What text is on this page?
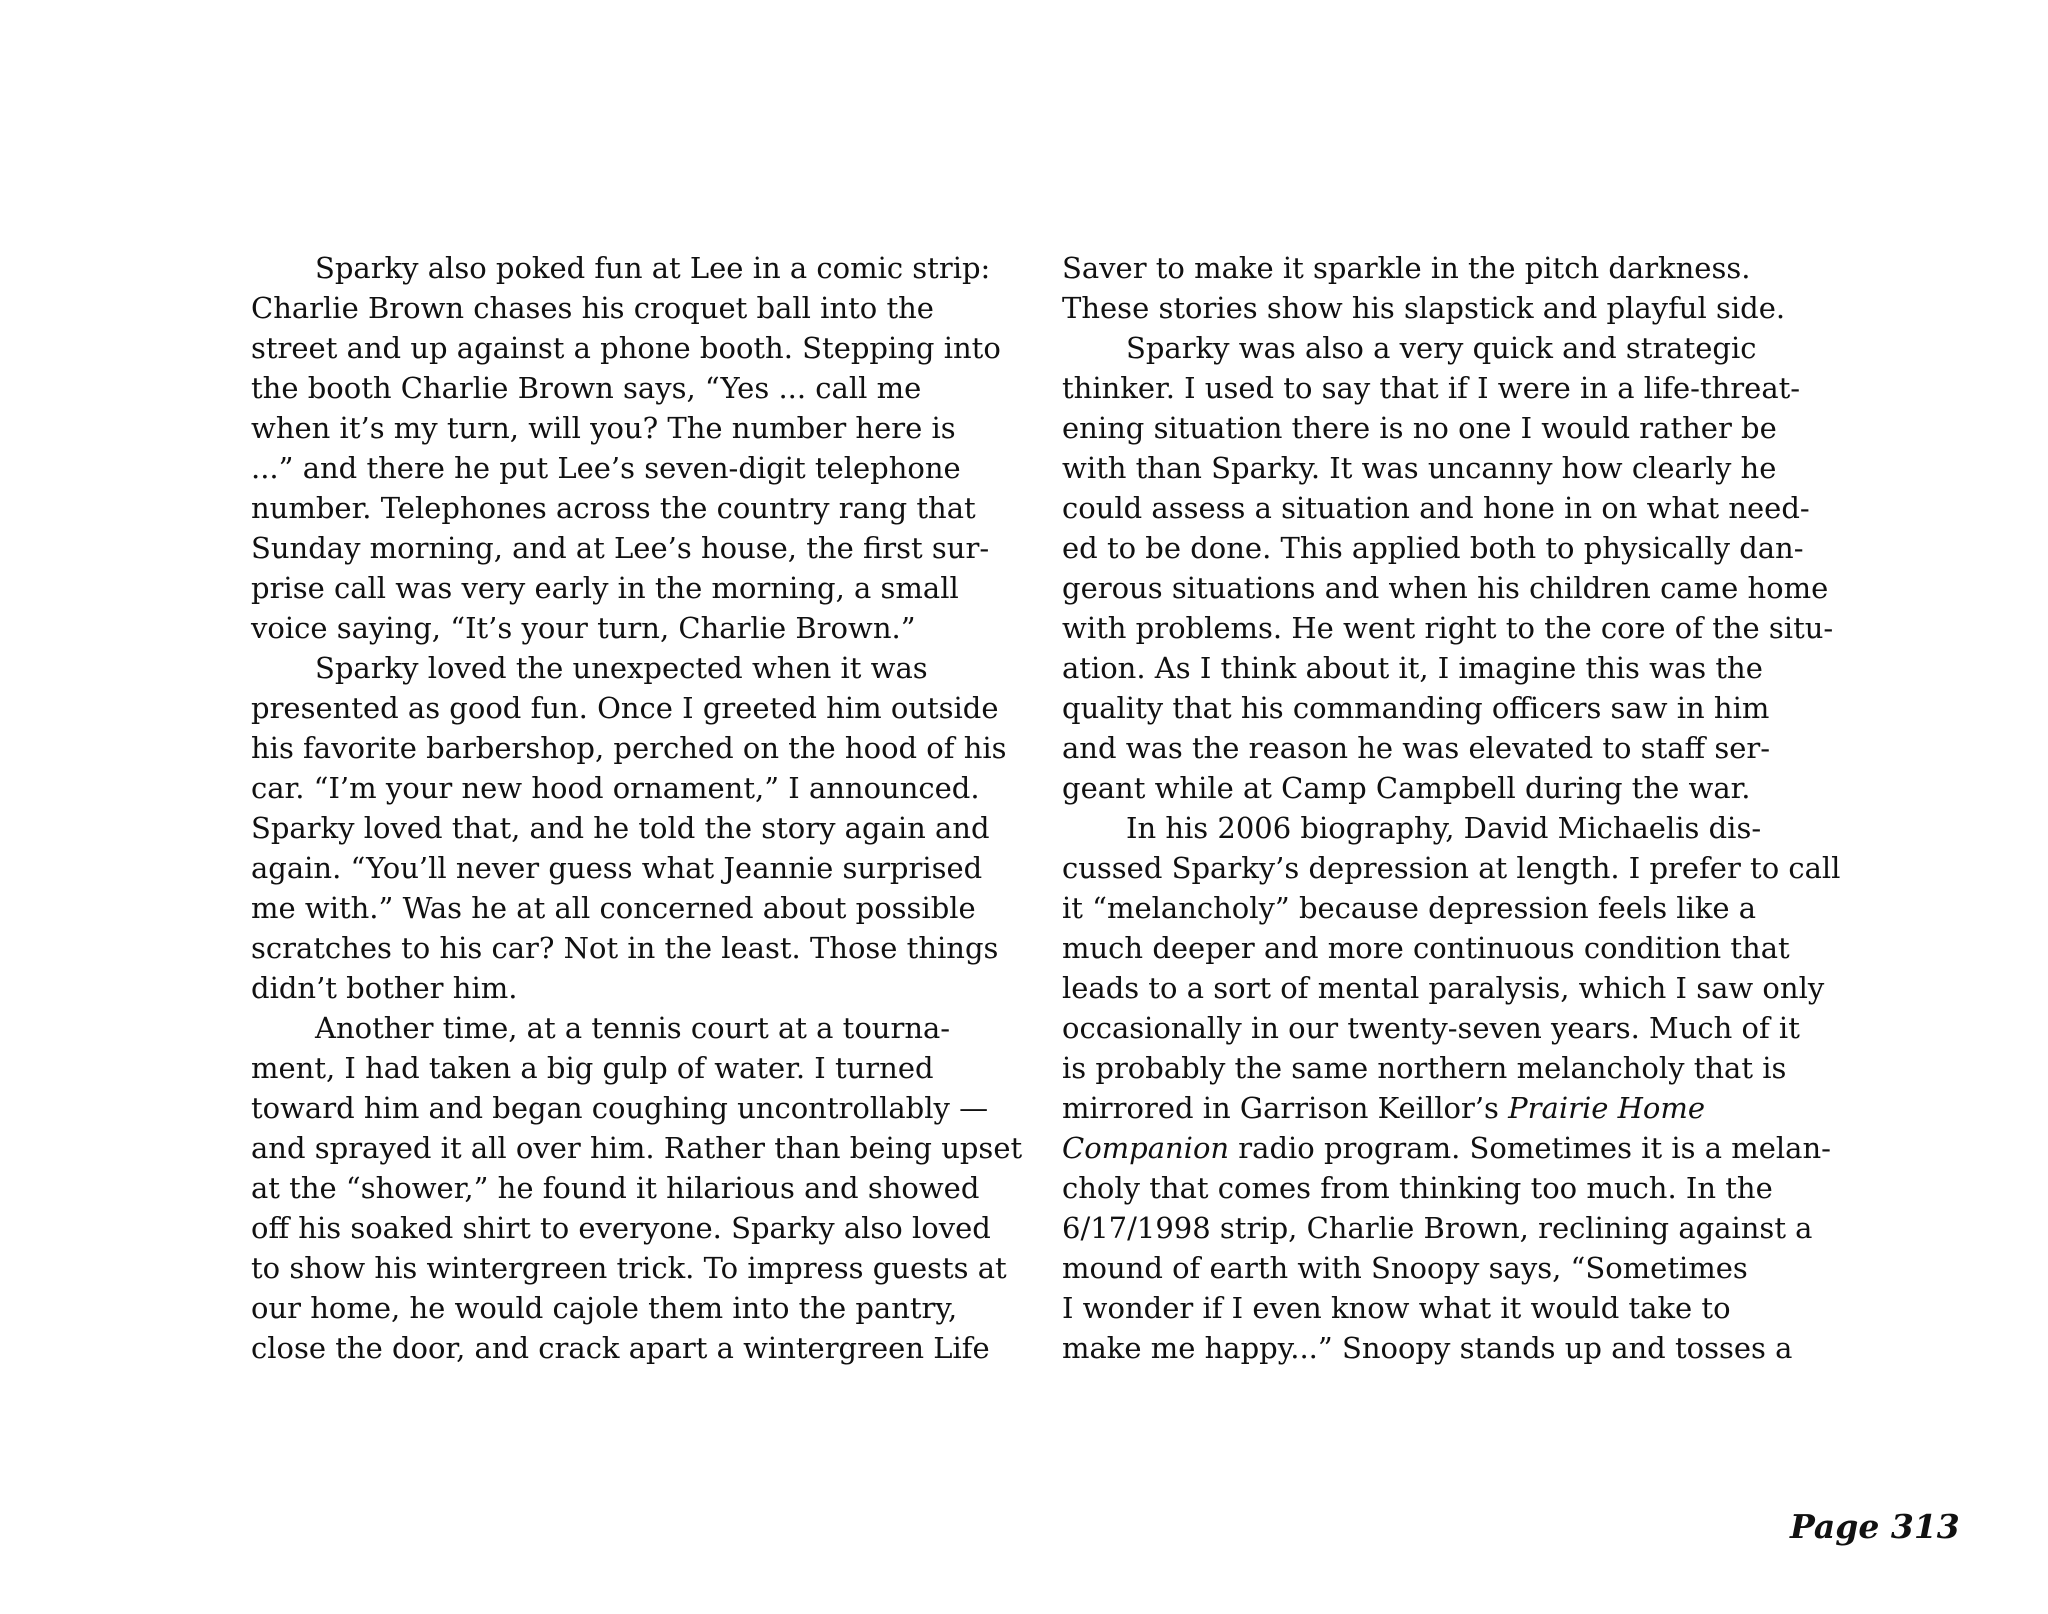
Sparky also poked fun at Lee in a comic strip:
Charlie Brown chases his croquet ball into the
street and up against a phone booth. Stepping into
the booth Charlie Brown says, “Yes ... call me
when it’s my turn, will you? The number here is
...” and there he put Lee’s seven-digit telephone
number. Telephones across the country rang that
Sunday morning, and at Lee’s house, the first sur-
prise call was very early in the morning, a small
voice saying, “It’s your turn, Charlie Brown.”
Sparky loved the unexpected when it was
presented as good fun. Once I greeted him outside
his favorite barbershop, perched on the hood of his
car. “I’m your new hood ornament,” I announced.
Sparky loved that, and he told the story again and
again. “You’ll never guess what Jeannie surprised
me with.” Was he at all concerned about possible
scratches to his car? Not in the least. Those things
didn’t bother him.
Another time, at a tennis court at a tourna-
ment, I had taken a big gulp of water. I turned
toward him and began coughing uncontrollably —
and sprayed it all over him. Rather than being upset
at the “shower,” he found it hilarious and showed
off his soaked shirt to everyone. Sparky also loved
to show his wintergreen trick. To impress guests at
our home, he would cajole them into the pantry,
close the door, and crack apart a wintergreen Life
Saver to make it sparkle in the pitch darkness.
These stories show his slapstick and playful side.
Sparky was also a very quick and strategic
thinker. I used to say that if I were in a life-threat-
ening situation there is no one I would rather be
with than Sparky. It was uncanny how clearly he
could assess a situation and hone in on what need-
ed to be done. This applied both to physically dan-
gerous situations and when his children came home
with problems. He went right to the core of the situ-
ation. As I think about it, I imagine this was the
quality that his commanding officers saw in him
and was the reason he was elevated to staff ser-
geant while at Camp Campbell during the war.
In his 2006 biography, David Michaelis dis-
cussed Sparky’s depression at length. I prefer to call
it “melancholy” because depression feels like a
much deeper and more continuous condition that
leads to a sort of mental paralysis, which I saw only
occasionally in our twenty-seven years. Much of it
is probably the same northern melancholy that is
mirrored in Garrison Keillor’s Prairie Home
Companion radio program. Sometimes it is a melan-
choly that comes from thinking too much. In the
6/17/1998 strip, Charlie Brown, reclining against a
mound of earth with Snoopy says, “Sometimes
I wonder if I even know what it would take to
make me happy...” Snoopy stands up and tosses a
Page 313
